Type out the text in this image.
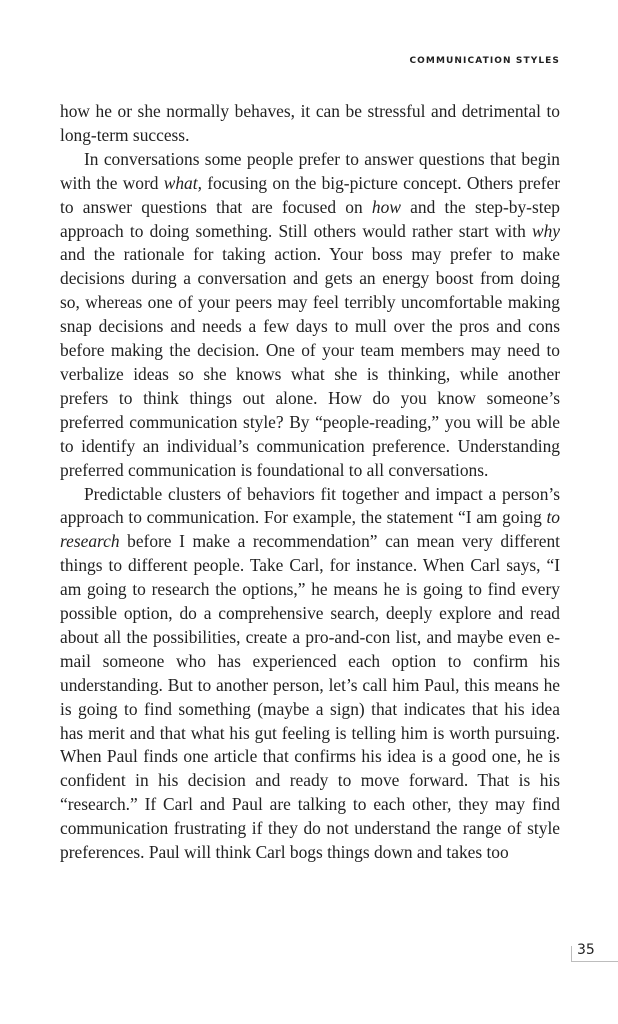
COMMUNICATION STYLES

how he or she normally behaves, it can be stressful and detrimental to long-term success.

In conversations some people prefer to answer questions that begin with the word what, focusing on the big-picture concept. Others prefer to answer questions that are focused on how and the step-by-step approach to doing something. Still others would rather start with why and the rationale for taking action. Your boss may prefer to make decisions during a conversation and gets an energy boost from doing so, whereas one of your peers may feel terribly uncomfortable making snap decisions and needs a few days to mull over the pros and cons before making the decision. One of your team members may need to verbalize ideas so she knows what she is thinking, while another prefers to think things out alone. How do you know someone’s preferred communication style? By “people-reading,” you will be able to identify an individual’s communication preference. Understanding preferred communication is foundational to all conversations.

Predictable clusters of behaviors fit together and impact a person’s approach to communication. For example, the statement “I am going to research before I make a recommendation” can mean very different things to different people. Take Carl, for instance. When Carl says, “I am going to research the options,” he means he is going to find every possible option, do a comprehensive search, deeply explore and read about all the possibilities, create a pro-and-con list, and maybe even e-mail someone who has experienced each option to confirm his understanding. But to another person, let’s call him Paul, this means he is going to find something (maybe a sign) that indicates that his idea has merit and that what his gut feeling is telling him is worth pursuing. When Paul finds one article that confirms his idea is a good one, he is confident in his decision and ready to move forward. That is his “research.” If Carl and Paul are talking to each other, they may find communication frustrating if they do not understand the range of style preferences. Paul will think Carl bogs things down and takes too

35
